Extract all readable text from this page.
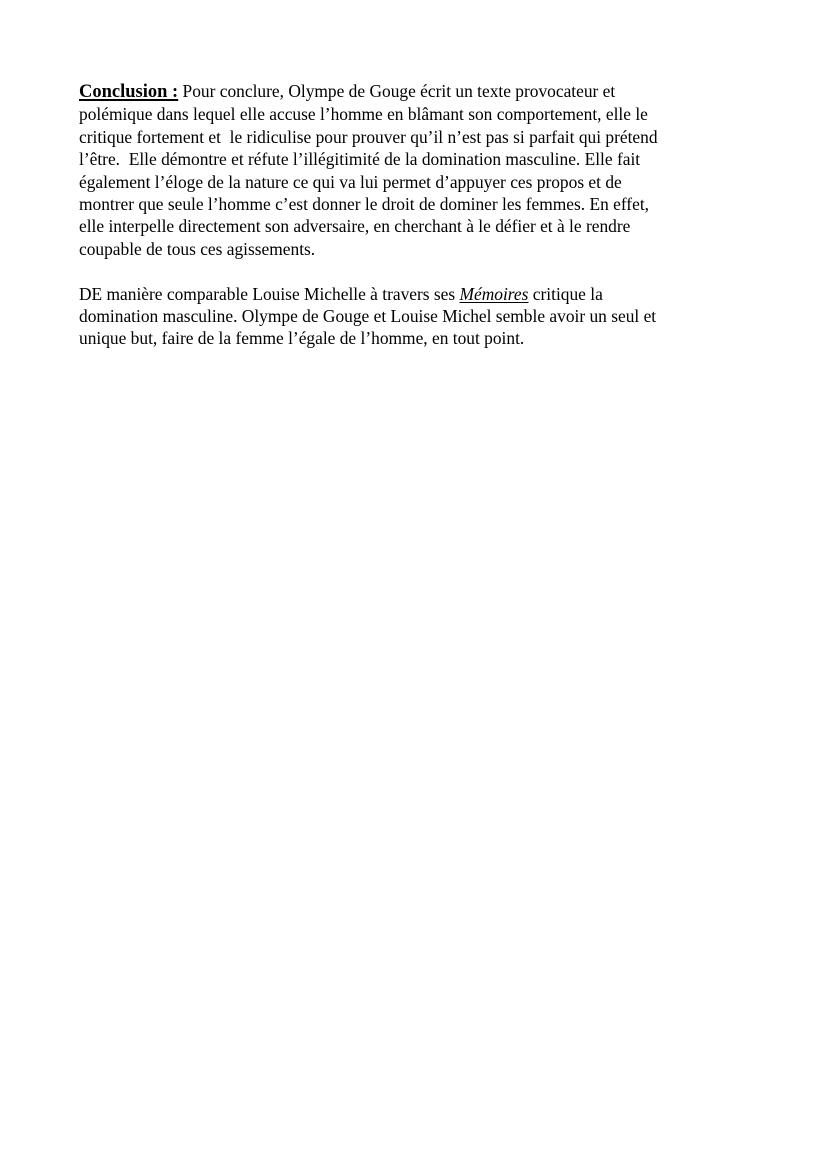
Conclusion : Pour conclure, Olympe de Gouge écrit un texte provocateur et
polémique dans lequel elle accuse l’homme en blâmant son comportement, elle le
critique fortement et  le ridiculise pour prouver qu’il n’est pas si parfait qui prétend
l’être.  Elle démontre et réfute l’illégitimité de la domination masculine. Elle fait
également l’éloge de la nature ce qui va lui permet d’appuyer ces propos et de
montrer que seule l’homme c’est donner le droit de dominer les femmes. En effet,
elle interpelle directement son adversaire, en cherchant à le défier et à le rendre
coupable de tous ces agissements.

DE manière comparable Louise Michelle à travers ses Mémoires critique la
domination masculine. Olympe de Gouge et Louise Michel semble avoir un seul et
unique but, faire de la femme l’égale de l’homme, en tout point.
